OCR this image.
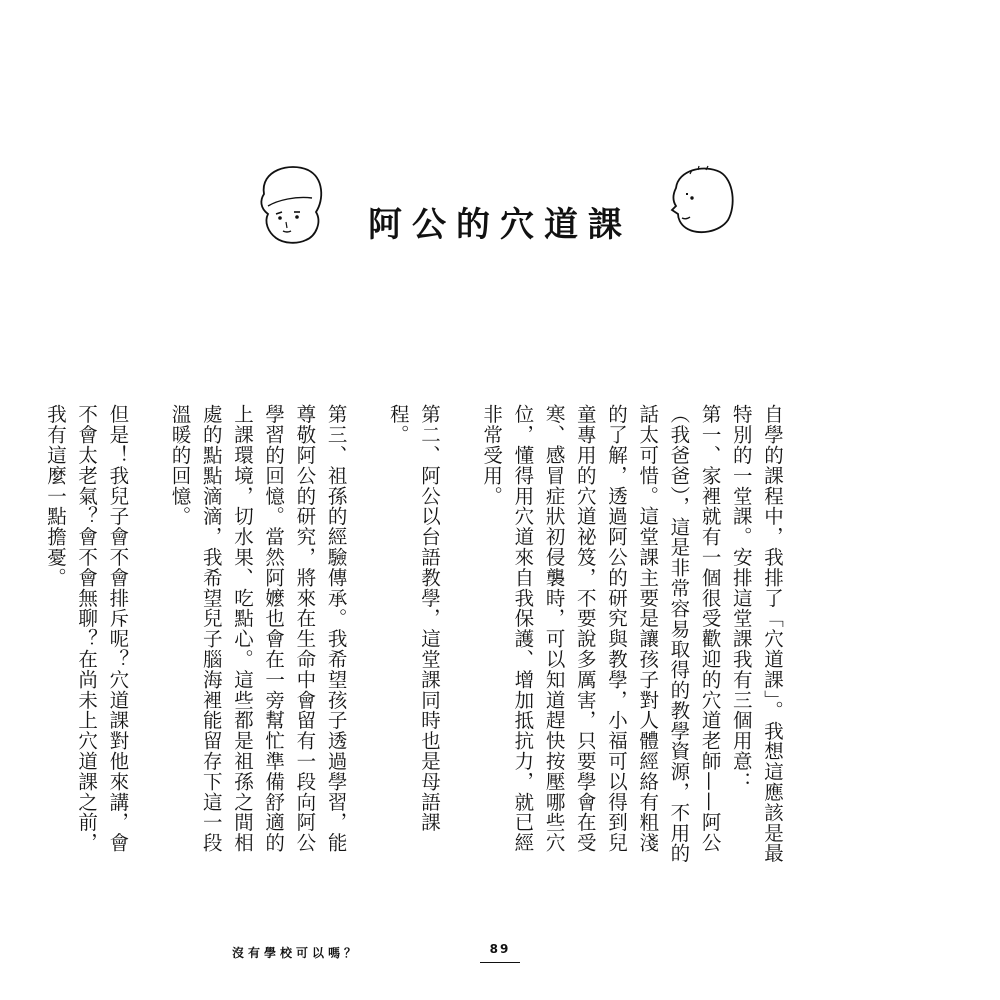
阿公的穴道課

自學的課程中，我排了「穴道課」。我想這應該是最特別的一堂課。安排這堂課我有三個用意：

第一、家裡就有一個很受歡迎的穴道老師——阿公（我爸爸），這是非常容易取得的教學資源，不用的話太可惜。這堂課主要是讓孩子對人體經絡有粗淺的了解，透過阿公的研究與教學，小福可以得到兒童專用的穴道祕笈，不要說多厲害，只要學會在受寒、感冒症狀初侵襲時，可以知道趕快按壓哪些穴位，懂得用穴道來自我保護、增加抵抗力，就已經非常受用。

第二、阿公以台語教學，這堂課同時也是母語課程。

第三、祖孫的經驗傳承。我希望孩子透過學習，能尊敬阿公的研究，將來在生命中會留有一段向阿公學習的回憶。當然阿嬤也會在一旁幫忙準備舒適的上課環境，切水果、吃點心。這些都是祖孫之間相處的點點滴滴，我希望兒子腦海裡能留存下這一段溫暖的回憶。

但是！我兒子會不會排斥呢？穴道課對他來講，會不會太老氣？會不會無聊？在尚未上穴道課之前，我有這麼一點擔憂。

沒有學校可以嗎？	89
